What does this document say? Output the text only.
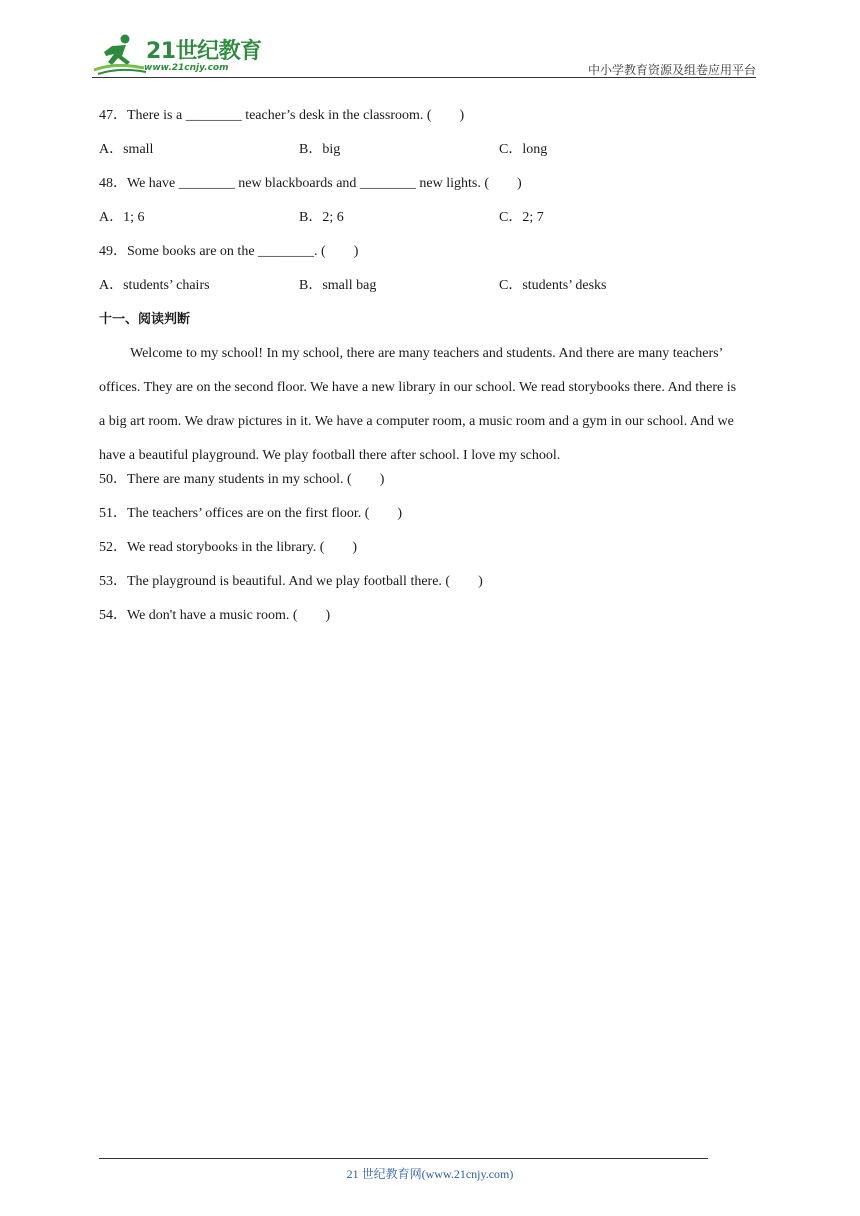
21世纪教育
www.21cnjy.com	中小学教育资源及组卷应用平台
47．There is a ________ teacher’s desk in the classroom. (　　)
A．small	B．big	C．long
48．We have ________ new blackboards and ________ new lights. (　　)
A．1; 6	B．2; 6	C．2; 7
49．Some books are on the ________. (　　)
A．students’ chairs	B．small bag	C．students’ desks
十一、阅读判断
Welcome to my school! In my school, there are many teachers and students. And there are many teachers’ offices. They are on the second floor. We have a new library in our school. We read storybooks there. And there is a big art room. We draw pictures in it. We have a computer room, a music room and a gym in our school. And we have a beautiful playground. We play football there after school. I love my school.
50．There are many students in my school. (　　)
51．The teachers’ offices are on the first floor. (　　)
52．We read storybooks in the library. (　　)
53．The playground is beautiful. And we play football there. (　　)
54．We don't have a music room. (　　)
21 世纪教育网(www.21cnjy.com)
